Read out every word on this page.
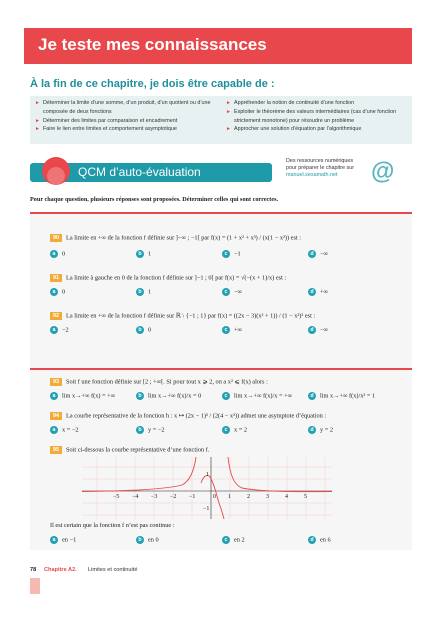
Je teste mes connaissances
À la fin de ce chapitre, je dois être capable de :
► Déterminer la limite d’une somme, d’un produit, d’un quotient ou d’une composée de deux fonctions
► Déterminer des limites par comparaison et encadrement
► Faire le lien entre limites et comportement asymptotique
► Appréhender la notion de continuité d’une fonction
► Exploiter le théorème des valeurs intermédiaires (cas d’une fonction strictement monotone) pour résoudre un problème
► Approcher une solution d’équation par l’algorithmique
QCM d’auto-évaluation
Des ressources numériques
pour préparer le chapitre sur
manuel.sesamath.net	@
Pour chaque question, plusieurs réponses sont proposées. Déterminer celles qui sont correctes.
90 La limite en +∞ de la fonction f définie sur ]−∞ ; −1[ par f(x) = (1 + x² + x³) / (x(1 − x²)) est :
a 0	b 1	c −1	d −∞
91 La limite à gauche en 0 de la fonction f définie sur ]−1 ; 0[ par f(x) = √(−(x + 1)/x) est :
a 0	b 1	c −∞	d +∞
92 La limite en +∞ de la fonction f définie sur ℝ \ {−1 ; 1} par f(x) = ((2x − 3)(x² + 1)) / (1 − x²)² est :
a −2	b 0	c +∞	d −∞
93 Soit f une fonction définie sur [2 ; +∞[. Si pour tout x ⩾ 2, on a x² ⩽ f(x) alors :
a lim x→+∞ f(x) = +∞	b lim x→+∞ f(x)/x = 0	c lim x→+∞ f(x)/x = +∞	d lim x→+∞ f(x)/x² = 1
94 La courbe représentative de la fonction h : x ↦ (2x − 1)² / (2(4 − x²)) admet une asymptote d’équation :
a x = −2	b y = −2	c x = 2	d y = 2
95 Soit ci-dessous la courbe représentative d’une fonction f.
Il est certain que la fonction f n’est pas continue :
a en −1	b en 0	c en 2	d en 6
−5 −4 −3 −2 −1	1	2	3	4	5
0
1
−1
78 Chapitre A2. Limites et continuité
